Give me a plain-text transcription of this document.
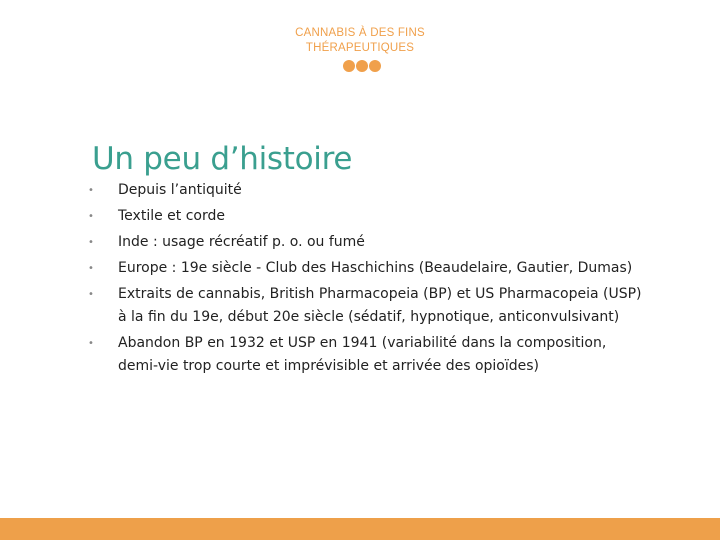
CANNABIS À DES FINS
THÉRAPEUTIQUES
Un peu d’histoire
• Depuis l’antiquité
• Textile et corde
• Inde : usage récréatif p. o. ou fumé
• Europe : 19e siècle - Club des Haschichins (Beaudelaire, Gautier, Dumas)
• Extraits de cannabis, British Pharmacopeia (BP) et US Pharmacopeia (USP) à la fin du 19e, début 20e siècle (sédatif, hypnotique, anticonvulsivant)
• Abandon BP en 1932 et USP en 1941 (variabilité dans la composition, demi-vie trop courte et imprévisible et arrivée des opioïdes)
